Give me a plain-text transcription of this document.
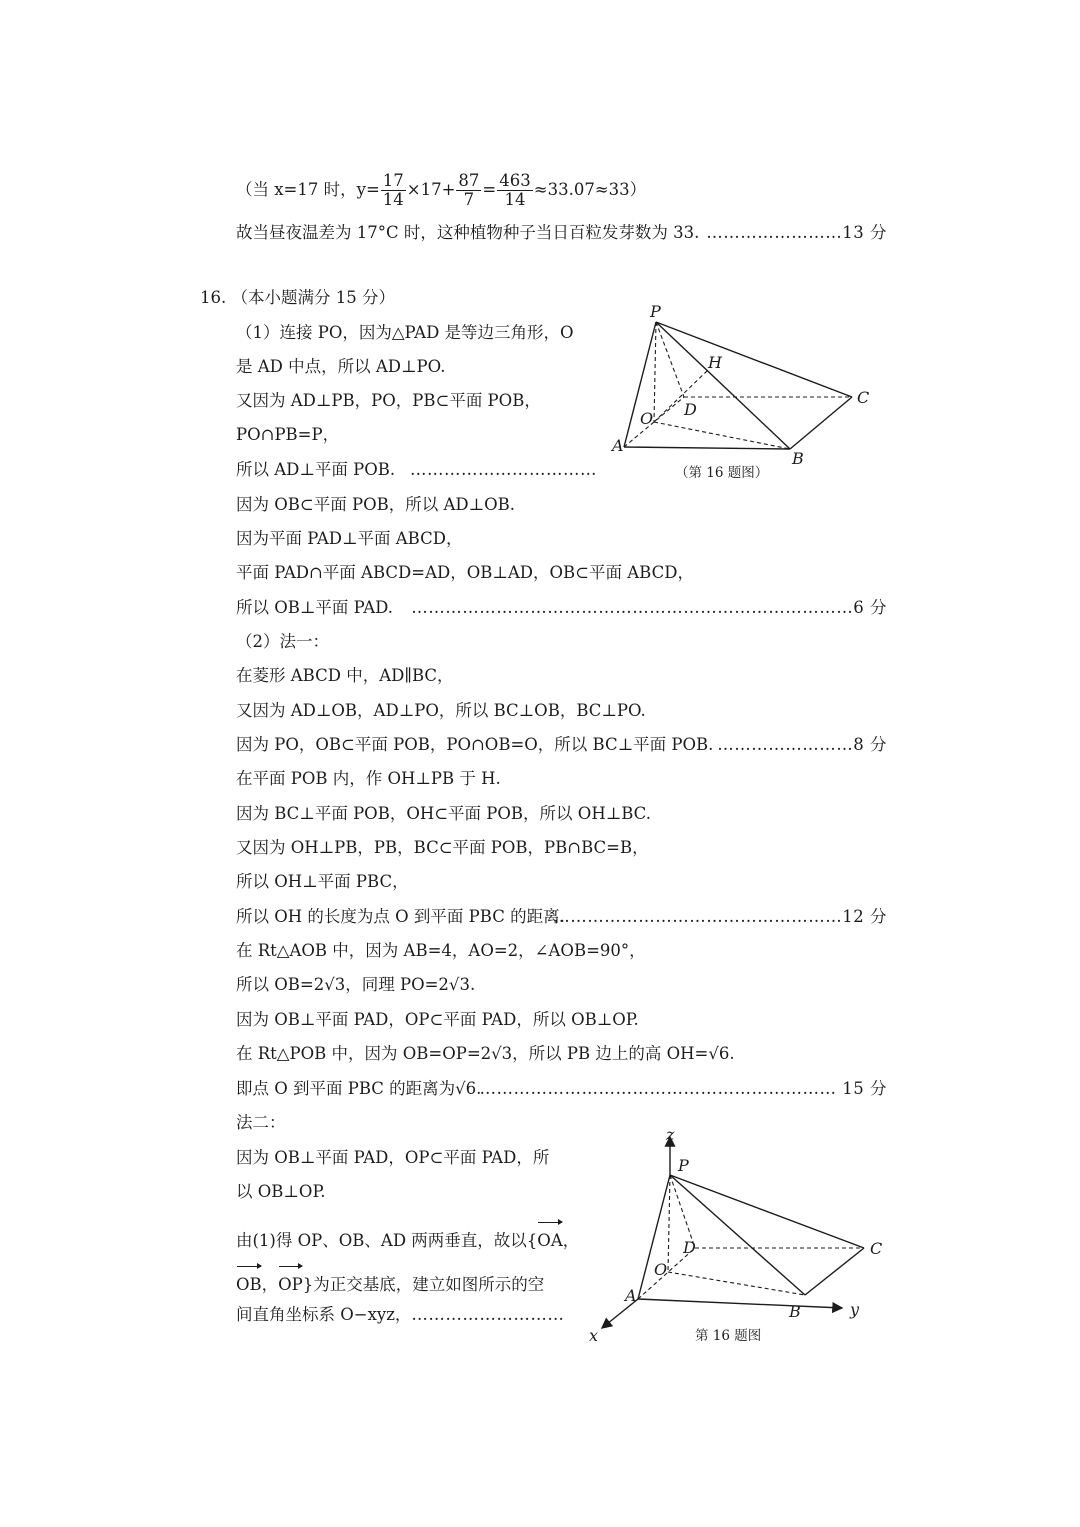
（当 x=17 时，$y= \frac{17}{14} \times 17+ \frac{87}{7} = \frac{463}{14} \approx 33.07\approx 33$）
故当昼夜温差为 17°C 时，这种植物种子当日百粒发芽数为 33. ……………………13 分
16. （本小题满分 15 分）
（1）连接 PO，因为△PAD 是等边三角形，O
是 AD 中点，所以 AD⊥PO.
又因为 AD⊥PB，PO，PB⊂平面 POB，
PO∩PB=P，
所以 AD⊥平面 POB. ……………………………
因为 OB⊂平面 POB，所以 AD⊥OB.
因为平面 PAD⊥平面 ABCD，
平面 PAD∩平面 ABCD=AD，OB⊥AD，OB⊂平面 ABCD，
所以 OB⊥平面 PAD. ……………………………………………………………………6 分
（2）法一：
在菱形 ABCD 中，AD∥BC，
又因为 AD⊥OB，AD⊥PO，所以 BC⊥OB，BC⊥PO.
因为 PO，OB⊂平面 POB，PO∩OB=O，所以 BC⊥平面 POB. ……………………8 分
在平面 POB 内，作 OH⊥PB 于 H.
因为 BC⊥平面 POB，OH⊂平面 POB，所以 OH⊥BC.
又因为 OH⊥PB，PB，BC⊂平面 POB，PB∩BC=B，
所以 OH⊥平面 PBC，
所以 OH 的长度为点 O 到平面 PBC 的距离.
……………………………………………12 分
在 Rt△AOB 中，因为 AB=4，AO=2，∠AOB=90°，
所以 OB=2√3，同理 PO=2√3.
因为 OB⊥平面 PAD，OP⊂平面 PAD，所以 OB⊥OP.
在 Rt△POB 中，因为 OB=OP=2√3，所以 PB 边上的高 OH=√6.
即点 O 到平面 PBC 的距离为√6.
……………………………………………………… 15 分
法二：
因为 OB⊥平面 PAD，OP⊂平面 PAD，所
以 OB⊥OP.
由(1)得 OP、OB、AD 两两垂直，故以{OA，
OB，OP}为正交基底，建立如图所示的空
间直角坐标系 O−xyz，………………………
P
H
D
C
O
A
B
（第 16 题图）
z
P
D	C
O
A
B	y
x	第 16 题图
